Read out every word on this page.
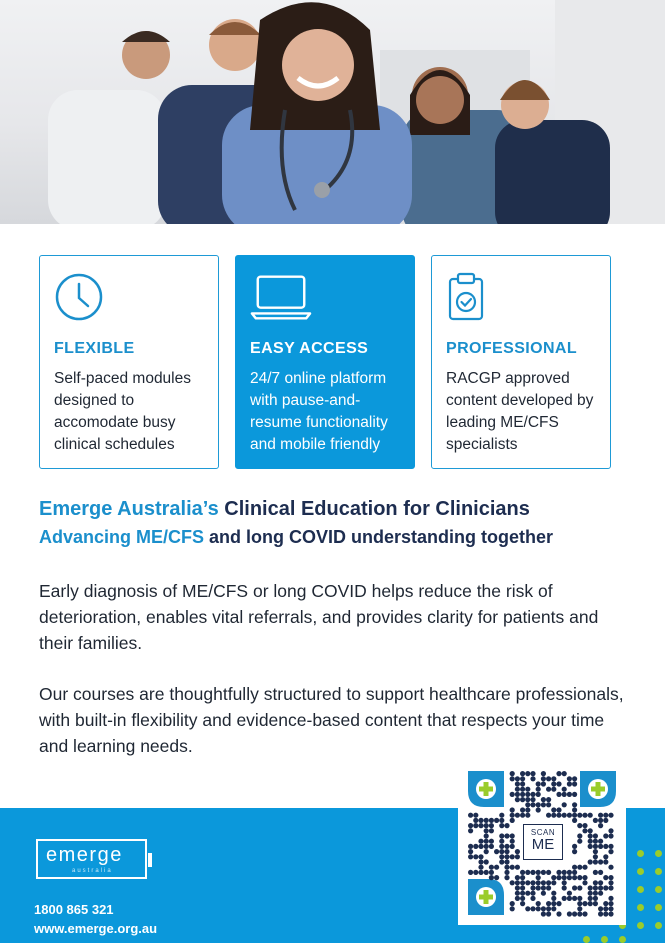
FLEXIBLE
Self-paced modules designed to accomodate busy clinical schedules
EASY ACCESS
24/7 online platform with pause-and-resume functionality and mobile friendly
PROFESSIONAL
RACGP approved content developed by leading ME/CFS specialists
Emerge Australia’s Clinical Education for Clinicians
Advancing ME/CFS and long COVID understanding together

Early diagnosis of ME/CFS or long COVID helps reduce the risk of deterioration, enables vital referrals, and provides clarity for patients and their families.

Our courses are thoughtfully structured to support healthcare professionals, with built-in flexibility and evidence-based content that respects your time and learning needs.

emerge
australia
1800 865 321
www.emerge.org.au
SCAN
ME
